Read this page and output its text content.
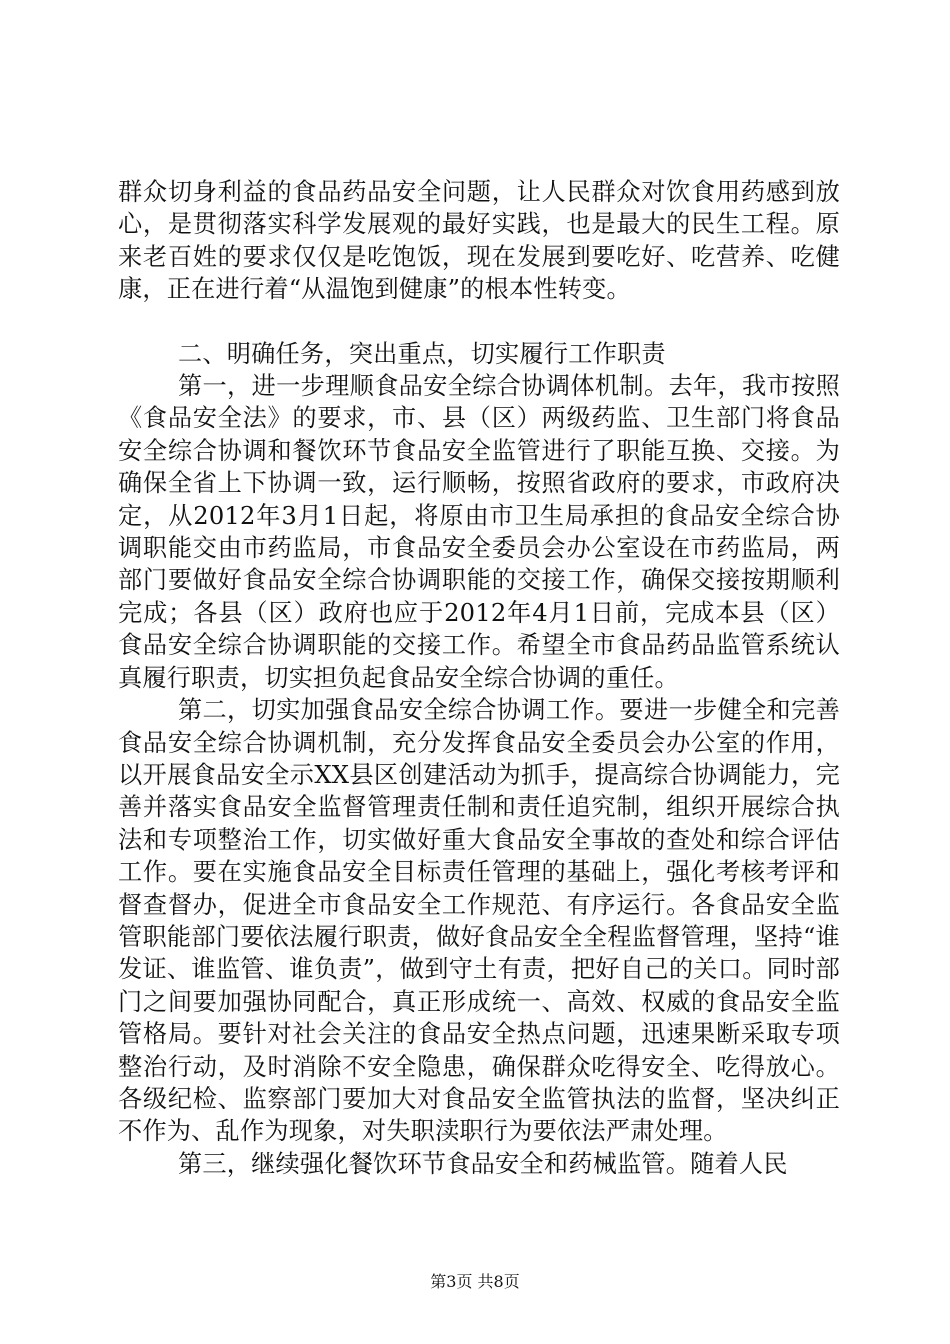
群众切身利益的食品药品安全问题，让人民群众对饮食用药感到放心，是贯彻落实科学发展观的最好实践，也是最大的民生工程。原来老百姓的要求仅仅是吃饱饭，现在发展到要吃好、吃营养、吃健康，正在进行着“从温饱到健康”的根本性转变。

二、明确任务，突出重点，切实履行工作职责

第一，进一步理顺食品安全综合协调体机制。去年，我市按照《食品安全法》的要求，市、县（区）两级药监、卫生部门将食品安全综合协调和餐饮环节食品安全监管进行了职能互换、交接。为确保全省上下协调一致，运行顺畅，按照省政府的要求，市政府决定，从2012年3月1日起，将原由市卫生局承担的食品安全综合协调职能交由市药监局，市食品安全委员会办公室设在市药监局，两部门要做好食品安全综合协调职能的交接工作，确保交接按期顺利完成；各县（区）政府也应于2012年4月1日前，完成本县（区）食品安全综合协调职能的交接工作。希望全市食品药品监管系统认真履行职责，切实担负起食品安全综合协调的重任。

第二，切实加强食品安全综合协调工作。要进一步健全和完善食品安全综合协调机制，充分发挥食品安全委员会办公室的作用，以开展食品安全示XX县区创建活动为抓手，提高综合协调能力，完善并落实食品安全监督管理责任制和责任追究制，组织开展综合执法和专项整治工作，切实做好重大食品安全事故的查处和综合评估工作。要在实施食品安全目标责任管理的基础上，强化考核考评和督查督办，促进全市食品安全工作规范、有序运行。各食品安全监管职能部门要依法履行职责，做好食品安全全程监督管理，坚持“谁发证、谁监管、谁负责”，做到守土有责，把好自己的关口。同时部门之间要加强协同配合，真正形成统一、高效、权威的食品安全监管格局。要针对社会关注的食品安全热点问题，迅速果断采取专项整治行动，及时消除不安全隐患，确保群众吃得安全、吃得放心。各级纪检、监察部门要加大对食品安全监管执法的监督，坚决纠正不作为、乱作为现象，对失职渎职行为要依法严肃处理。

第三，继续强化餐饮环节食品安全和药械监管。随着人民

第3页 共8页
